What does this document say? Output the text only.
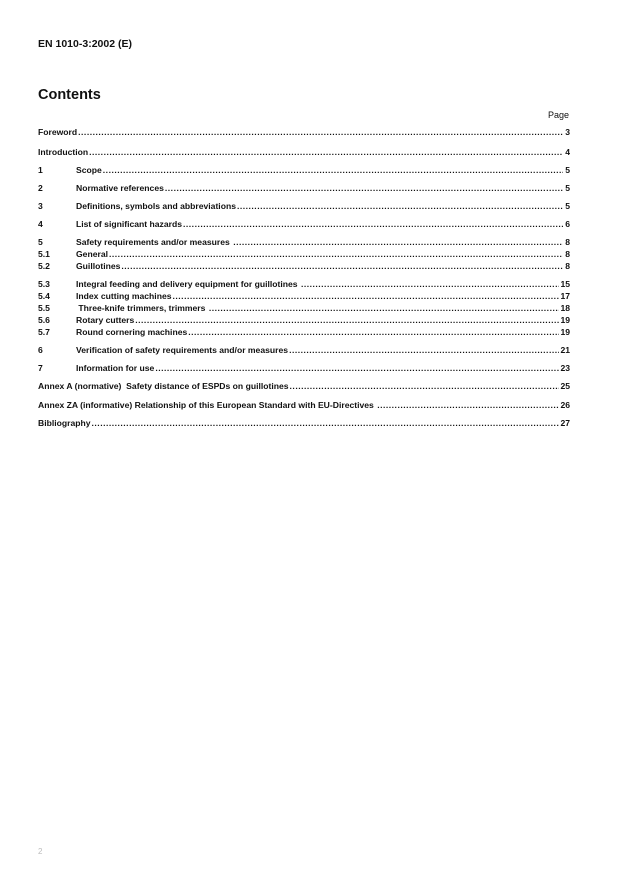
EN 1010-3:2002 (E)
Contents
Page
Foreword .....	3
Introduction .....	4
1	Scope .....	5
2	Normative references .....	5
3	Definitions, symbols and abbreviations .....	5
4	List of significant hazards .....	6
5	Safety requirements and/or measures .....	8
5.1	General .....	8
5.2	Guillotines .....	8
5.3	Integral feeding and delivery equipment for guillotines .....	15
5.4	Index cutting machines .....	17
5.5	Three-knife trimmers, trimmers .....	18
5.6	Rotary cutters .....	19
5.7	Round cornering machines .....	19
6	Verification of safety requirements and/or measures .....	21
7	Information for use .....	23
Annex A (normative)  Safety distance of ESPDs on guillotines .....	25
Annex ZA (informative) Relationship of this European Standard with EU-Directives .....	26
Bibliography .....	27
2
